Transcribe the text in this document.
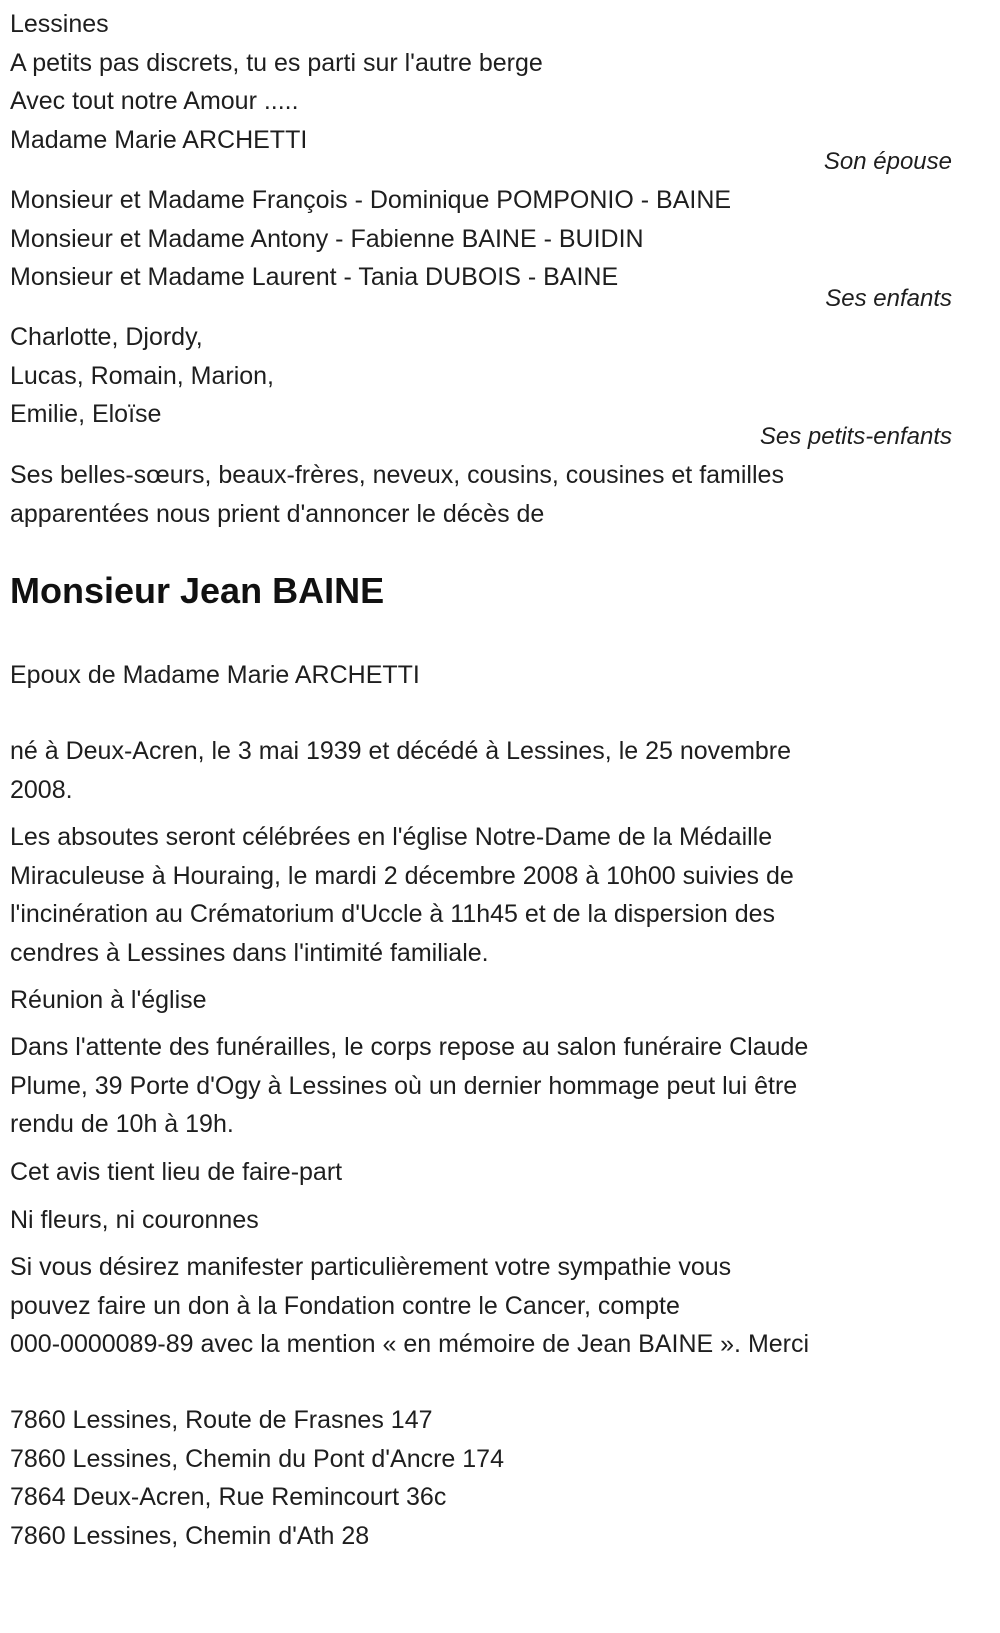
Lessines
A petits pas discrets, tu es parti sur l'autre berge
Avec tout notre Amour .....
Madame Marie ARCHETTI
Son épouse
Monsieur et Madame François - Dominique POMPONIO - BAINE
Monsieur et Madame Antony - Fabienne BAINE - BUIDIN
Monsieur et Madame Laurent - Tania DUBOIS - BAINE
Ses enfants
Charlotte, Djordy,
Lucas, Romain, Marion,
Emilie, Eloïse
Ses petits-enfants
Ses belles-sœurs, beaux-frères, neveux, cousins, cousines et familles
apparentées nous prient d'annoncer le décès de
Monsieur Jean BAINE
Epoux de Madame Marie ARCHETTI
né à Deux-Acren, le 3 mai 1939 et décédé à Lessines, le 25 novembre
2008.
Les absoutes seront célébrées en l'église Notre-Dame de la Médaille
Miraculeuse à Houraing, le mardi 2 décembre 2008 à 10h00 suivies de
l'incinération au Crématorium d'Uccle à 11h45 et de la dispersion des
cendres à Lessines dans l'intimité familiale.
Réunion à l'église
Dans l'attente des funérailles, le corps repose au salon funéraire Claude
Plume, 39 Porte d'Ogy à Lessines où un dernier hommage peut lui être
rendu de 10h à 19h.
Cet avis tient lieu de faire-part
Ni fleurs, ni couronnes
Si vous désirez manifester particulièrement votre sympathie vous
pouvez faire un don à la Fondation contre le Cancer, compte
000-0000089-89 avec la mention « en mémoire de Jean BAINE ». Merci
7860 Lessines, Route de Frasnes 147
7860 Lessines, Chemin du Pont d'Ancre 174
7864 Deux-Acren, Rue Remincourt 36c
7860 Lessines, Chemin d'Ath 28
